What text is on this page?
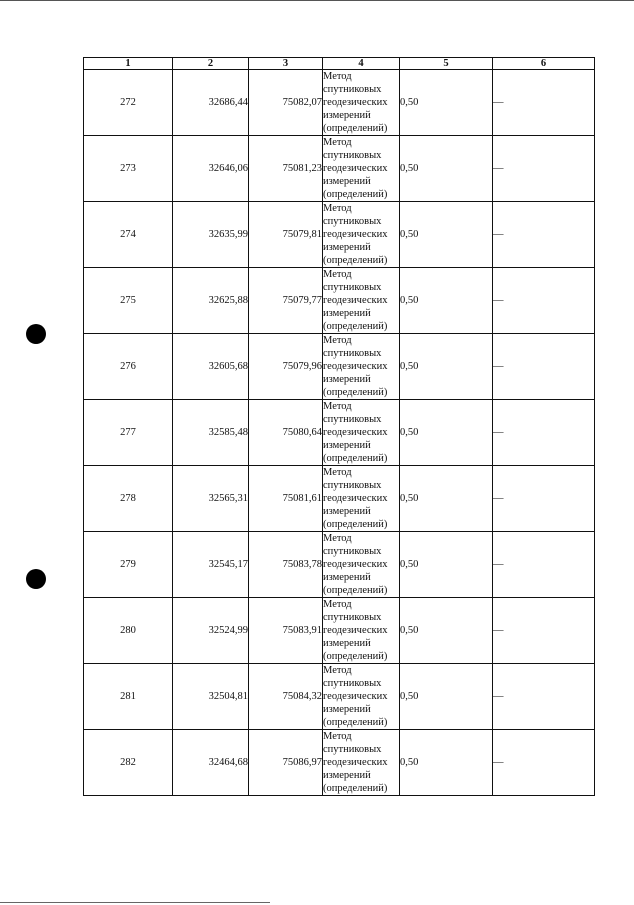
1	2	3	4	5	6
272	32686,44	75082,07	Метод спутниковых геодезических измерений (определений)	0,50	—
273	32646,06	75081,23	Метод спутниковых геодезических измерений (определений)	0,50	—
274	32635,99	75079,81	Метод спутниковых геодезических измерений (определений)	0,50	—
275	32625,88	75079,77	Метод спутниковых геодезических измерений (определений)	0,50	—
276	32605,68	75079,96	Метод спутниковых геодезических измерений (определений)	0,50	—
277	32585,48	75080,64	Метод спутниковых геодезических измерений (определений)	0,50	—
278	32565,31	75081,61	Метод спутниковых геодезических измерений (определений)	0,50	—
279	32545,17	75083,78	Метод спутниковых геодезических измерений (определений)	0,50	—
280	32524,99	75083,91	Метод спутниковых геодезических измерений (определений)	0,50	—
281	32504,81	75084,32	Метод спутниковых геодезических измерений (определений)	0,50	—
282	32464,68	75086,97	Метод спутниковых геодезических измерений (определений)	0,50	—
